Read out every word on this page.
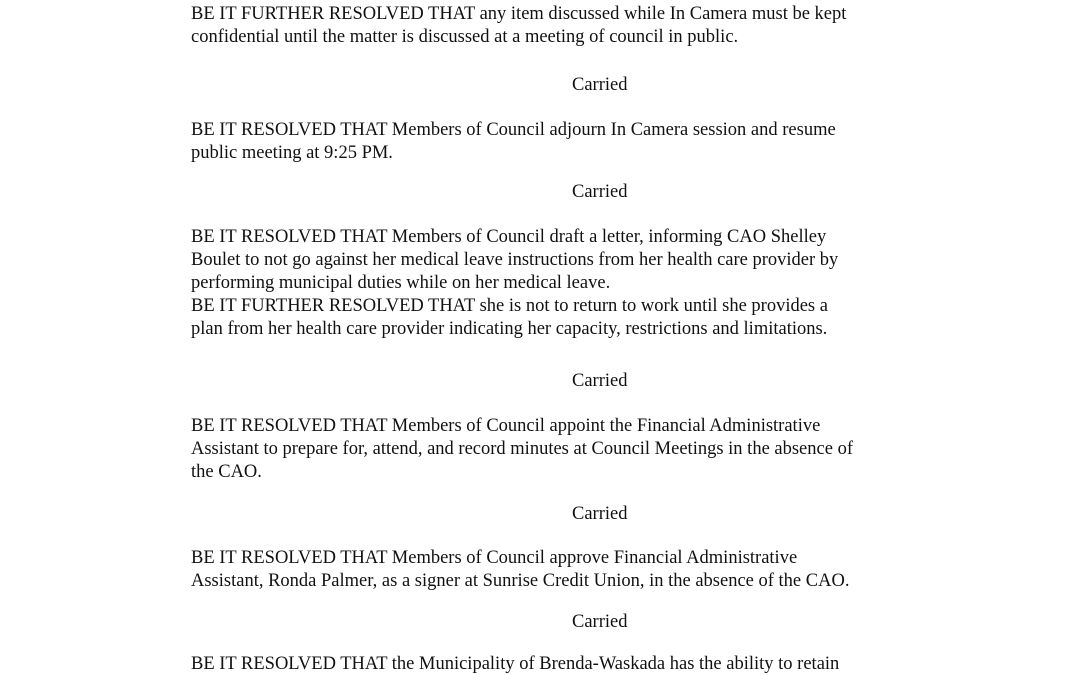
BE IT FURTHER RESOLVED THAT any item discussed while In Camera must be kept
confidential until the matter is discussed at a meeting of council in public.
Carried
BE IT RESOLVED THAT Members of Council adjourn In Camera session and resume
public meeting at 9:25 PM.
Carried
BE IT RESOLVED THAT Members of Council draft a letter, informing CAO Shelley
Boulet to not go against her medical leave instructions from her health care provider by
performing municipal duties while on her medical leave.
BE IT FURTHER RESOLVED THAT she is not to return to work until she provides a
plan from her health care provider indicating her capacity, restrictions and limitations.
Carried
BE IT RESOLVED THAT Members of Council appoint the Financial Administrative
Assistant to prepare for, attend, and record minutes at Council Meetings in the absence of
the CAO.
Carried
BE IT RESOLVED THAT Members of Council approve Financial Administrative
Assistant, Ronda Palmer, as a signer at Sunrise Credit Union, in the absence of the CAO.
Carried
BE IT RESOLVED THAT the Municipality of Brenda-Waskada has the ability to retain
